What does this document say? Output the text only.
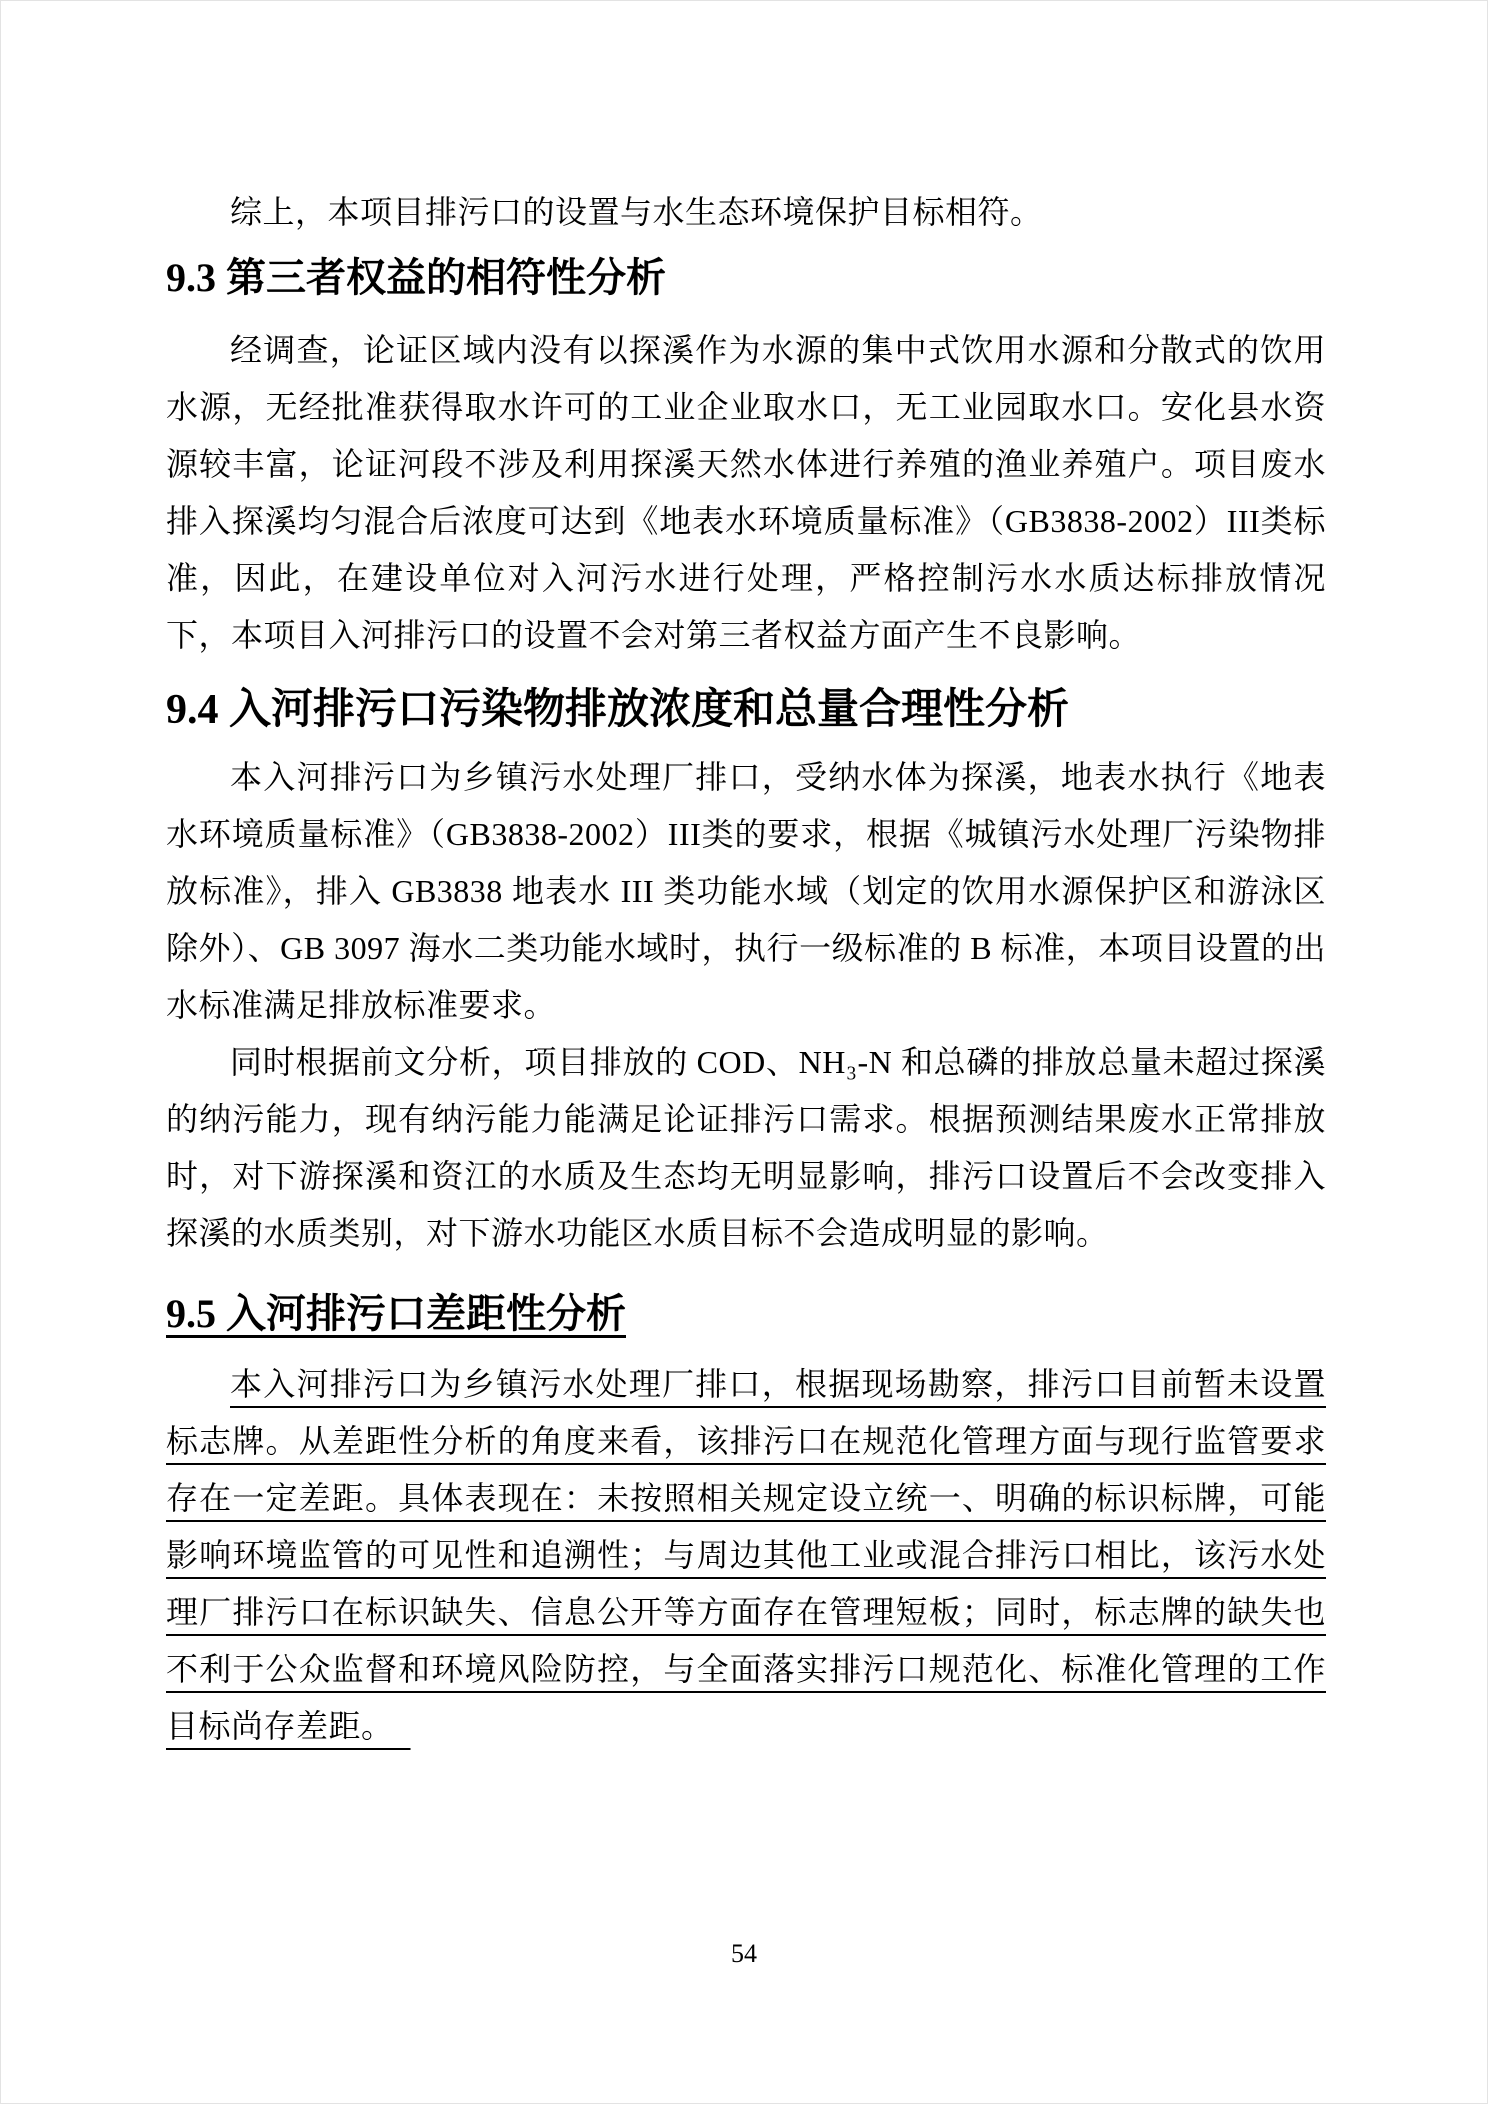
综上，本项目排污口的设置与水生态环境保护目标相符。

9.3 第三者权益的相符性分析

经调查，论证区域内没有以探溪作为水源的集中式饮用水源和分散式的饮用水源，无经批准获得取水许可的工业企业取水口，无工业园取水口。安化县水资源较丰富，论证河段不涉及利用探溪天然水体进行养殖的渔业养殖户。项目废水排入探溪均匀混合后浓度可达到《地表水环境质量标准》（GB3838-2002）III类标准，因此，在建设单位对入河污水进行处理，严格控制污水水质达标排放情况下，本项目入河排污口的设置不会对第三者权益方面产生不良影响。

9.4 入河排污口污染物排放浓度和总量合理性分析

本入河排污口为乡镇污水处理厂排口，受纳水体为探溪，地表水执行《地表水环境质量标准》（GB3838-2002）III类的要求，根据《城镇污水处理厂污染物排放标准》，排入 GB3838 地表水 III 类功能水域（划定的饮用水源保护区和游泳区除外）、GB 3097 海水二类功能水域时，执行一级标准的 B 标准，本项目设置的出水标准满足排放标准要求。

同时根据前文分析，项目排放的 COD、NH₃-N 和总磷的排放总量未超过探溪的纳污能力，现有纳污能力能满足论证排污口需求。根据预测结果废水正常排放时，对下游探溪和资江的水质及生态均无明显影响，排污口设置后不会改变排入探溪的水质类别，对下游水功能区水质目标不会造成明显的影响。

9.5 入河排污口差距性分析

本入河排污口为乡镇污水处理厂排口，根据现场勘察，排污口目前暂未设置标志牌。从差距性分析的角度来看，该排污口在规范化管理方面与现行监管要求存在一定差距。具体表现在：未按照相关规定设立统一、明确的标识标牌，可能影响环境监管的可见性和追溯性；与周边其他工业或混合排污口相比，该污水处理厂排污口在标识缺失、信息公开等方面存在管理短板；同时，标志牌的缺失也不利于公众监督和环境风险防控，与全面落实排污口规范化、标准化管理的工作目标尚存差距。

54
